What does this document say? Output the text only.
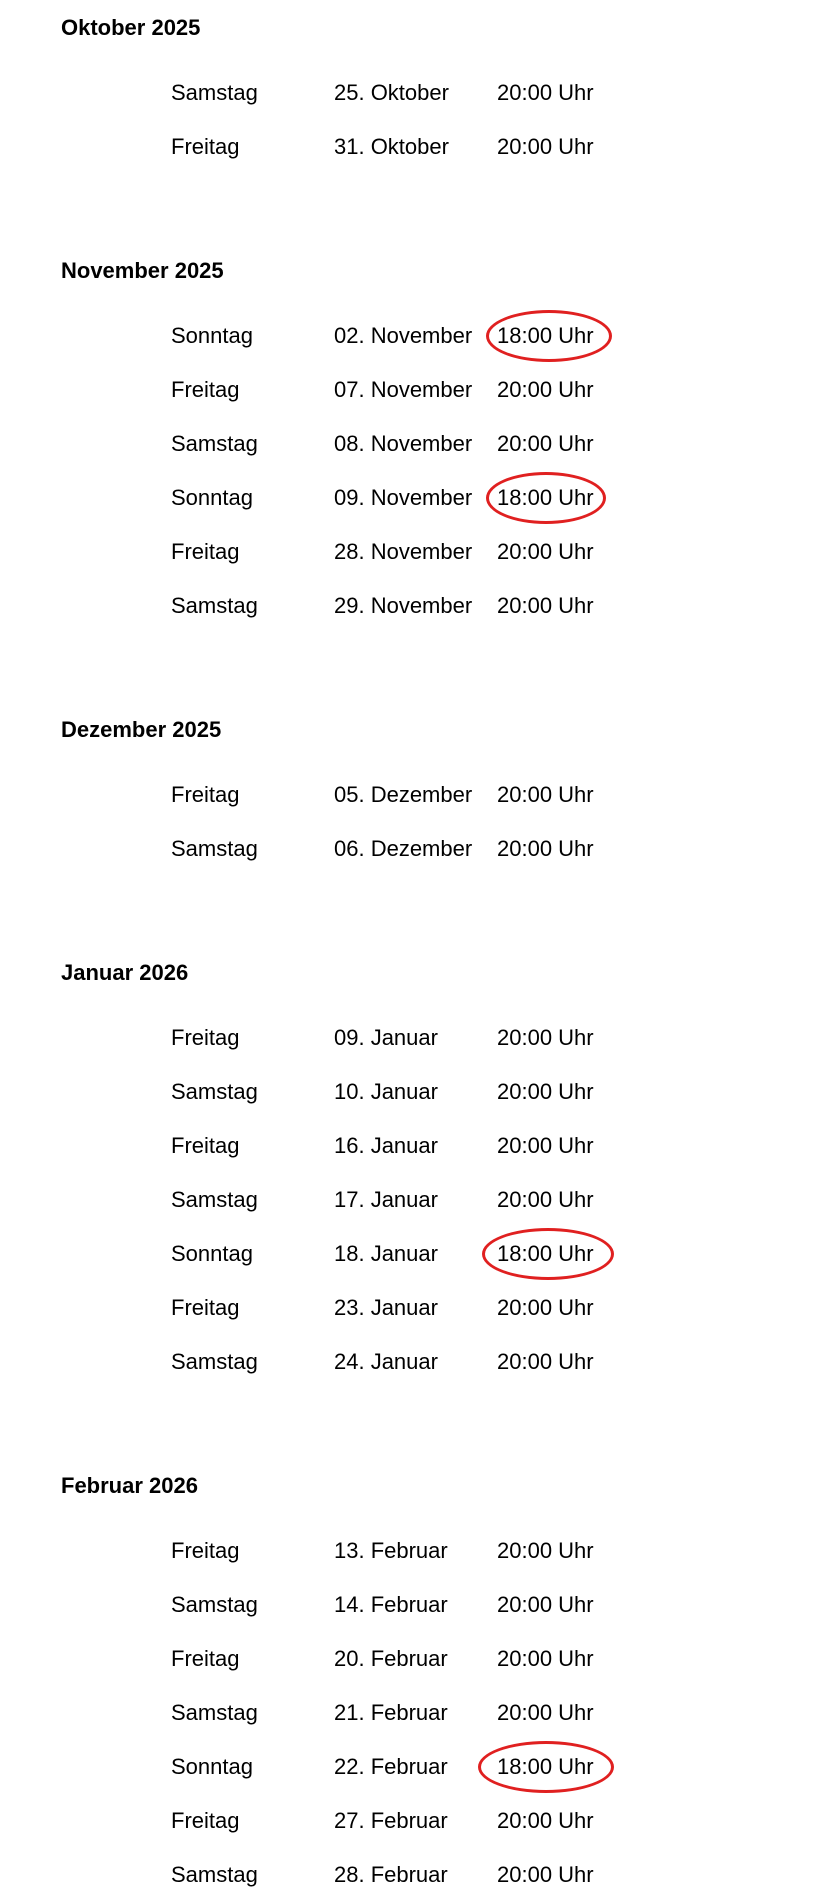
Oktober 2025
Samstag	25. Oktober 20:00 Uhr
Freitag	31. Oktober 20:00 Uhr
November 2025
Sonntag	02. November 18:00 Uhr
Freitag	07. November 20:00 Uhr
Samstag	08. November 20:00 Uhr
Sonntag	09. November 18:00 Uhr
Freitag	28. November 20:00 Uhr
Samstag	29. November 20:00 Uhr
Dezember 2025
Freitag	05. Dezember 20:00 Uhr
Samstag	06. Dezember 20:00 Uhr
Januar 2026
Freitag	09. Januar	20:00 Uhr
Samstag	10. Januar	20:00 Uhr
Freitag	16. Januar	20:00 Uhr
Samstag	17. Januar	20:00 Uhr
Sonntag	18. Januar	18:00 Uhr
Freitag	23. Januar	20:00 Uhr
Samstag	24. Januar	20:00 Uhr
Februar 2026
Freitag	13. Februar 20:00 Uhr
Samstag	14. Februar 20:00 Uhr
Freitag	20. Februar 20:00 Uhr
Samstag	21. Februar 20:00 Uhr
Sonntag	22. Februar 18:00 Uhr
Freitag	27. Februar 20:00 Uhr
Samstag	28. Februar 20:00 Uhr
